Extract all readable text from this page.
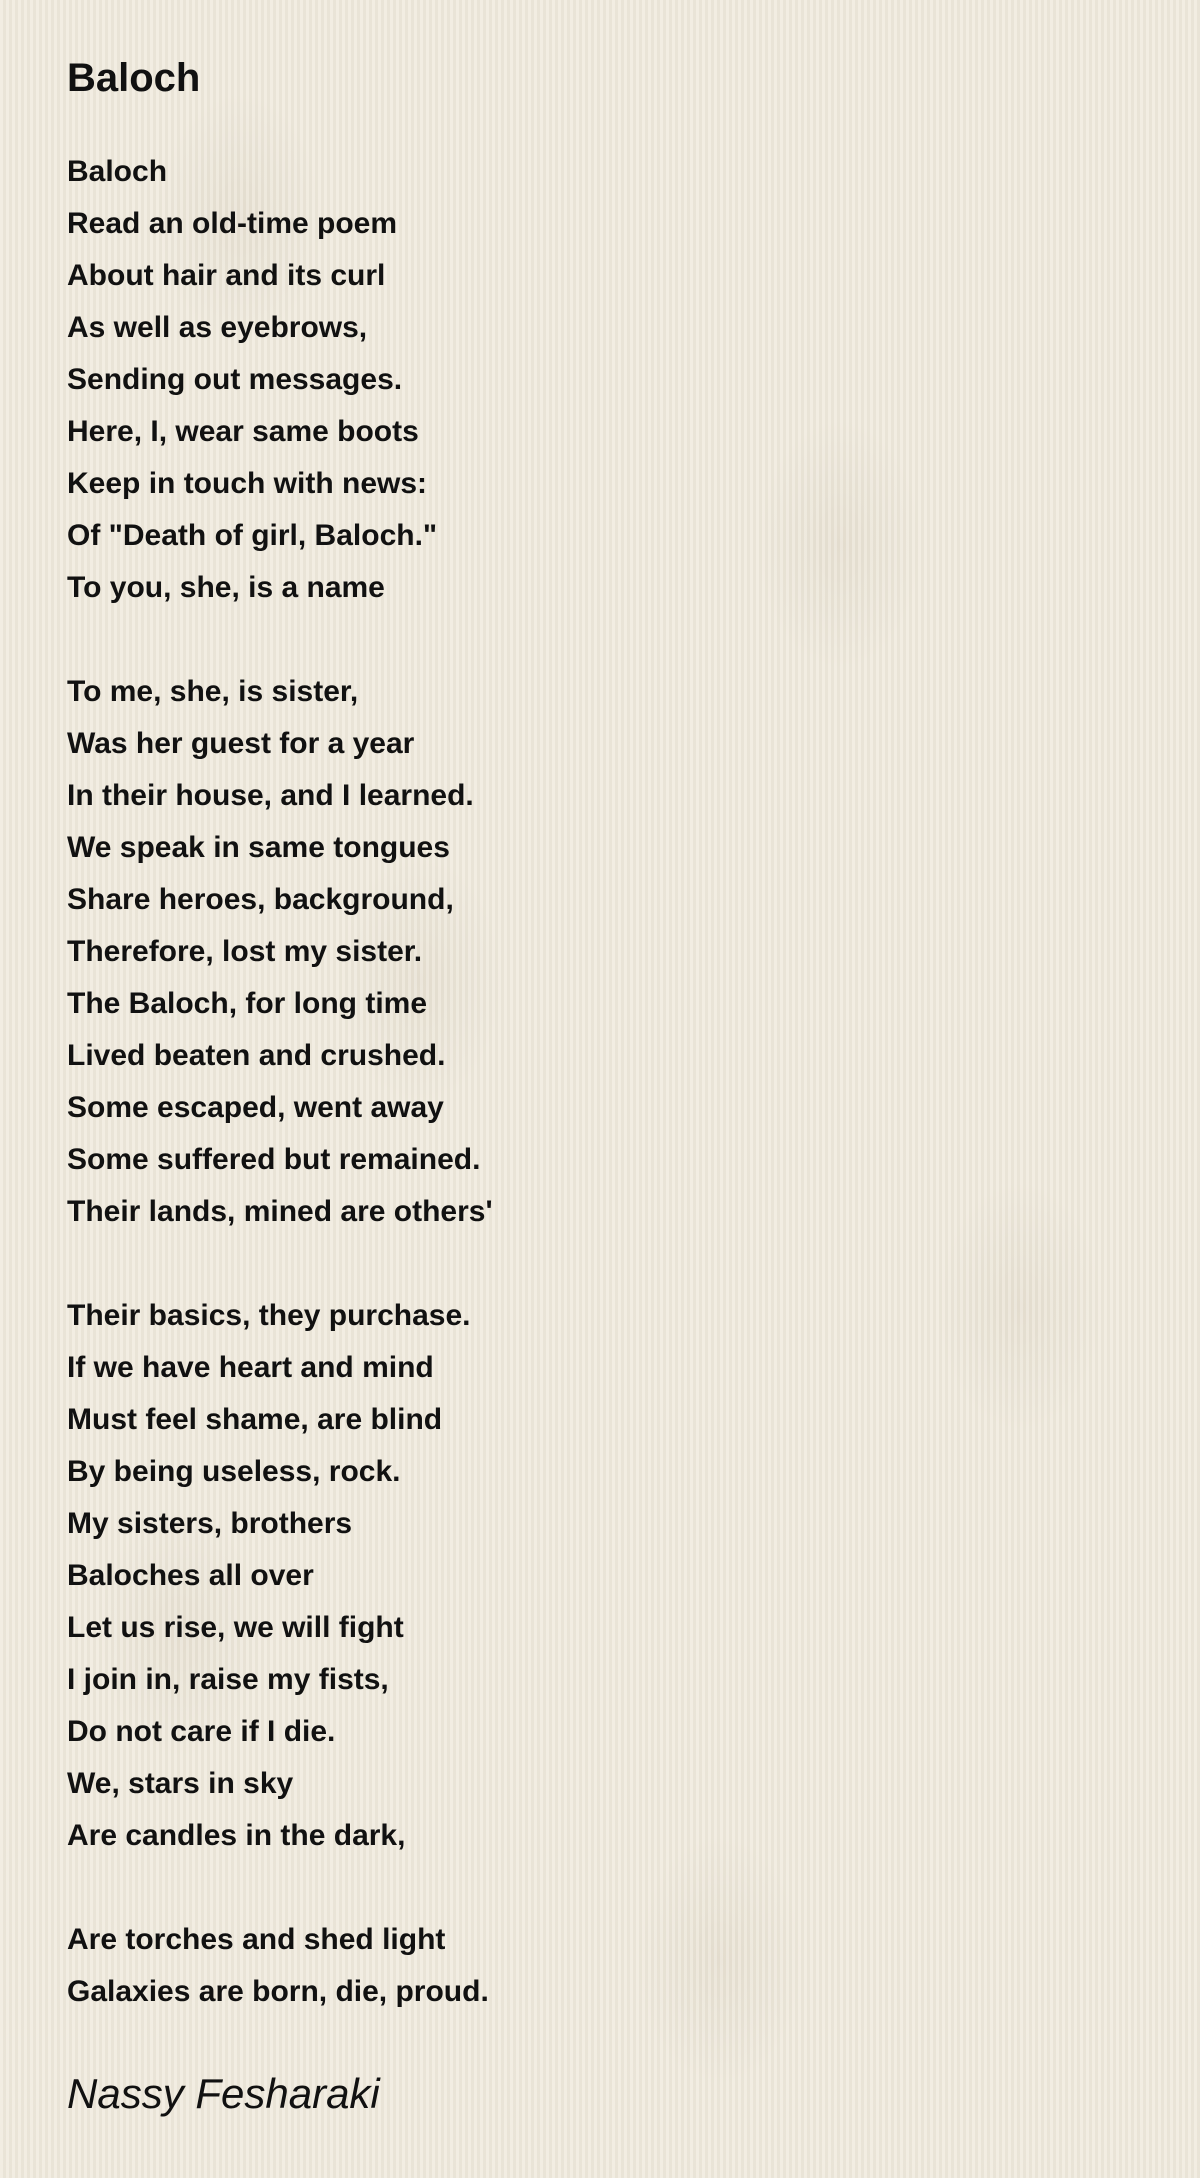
Baloch
Baloch
Read an old-time poem
About hair and its curl
As well as eyebrows,
Sending out messages.
Here, I, wear same boots
Keep in touch with news:
Of "Death of girl, Baloch."
To you, she, is a name
To me, she, is sister,
Was her guest for a year
In their house, and I learned.
We speak in same tongues
Share heroes, background,
Therefore, lost my sister.
The Baloch, for long time
Lived beaten and crushed.
Some escaped, went away
Some suffered but remained.
Their lands, mined are others'
Their basics, they purchase.
If we have heart and mind
Must feel shame, are blind
By being useless, rock.
My sisters, brothers
Baloches all over
Let us rise, we will fight
I join in, raise my fists,
Do not care if I die.
We, stars in sky
Are candles in the dark,
Are torches and shed light
Galaxies are born, die, proud.
Nassy Fesharaki
